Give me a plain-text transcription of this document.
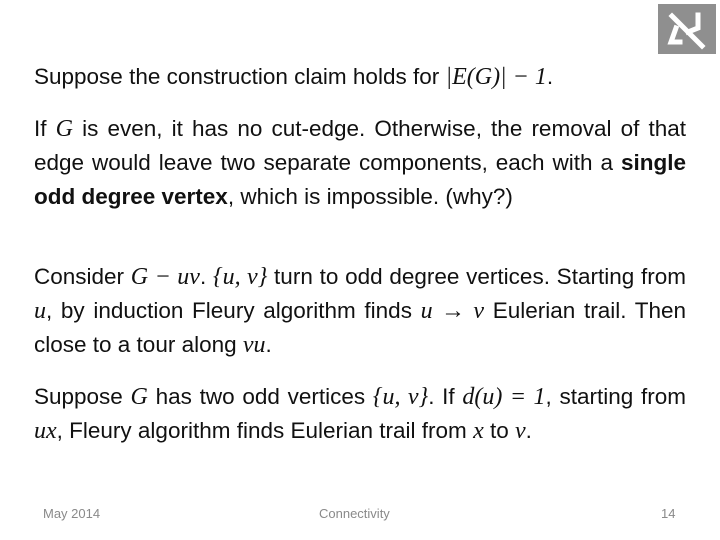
Suppose the construction claim holds for |E(G)| − 1.
If G is even, it has no cut-edge. Otherwise, the removal of that edge would leave two separate components, each with a single odd degree vertex, which is impossible. (why?)
Consider G − uv. {u, v} turn to odd degree vertices. Starting from u, by induction Fleury algorithm finds u → v Eulerian trail. Then close to a tour along vu.
Suppose G has two odd vertices {u, v}. If d(u) = 1, starting from ux, Fleury algorithm finds Eulerian trail from x to v.
May 2014	Connectivity	14
